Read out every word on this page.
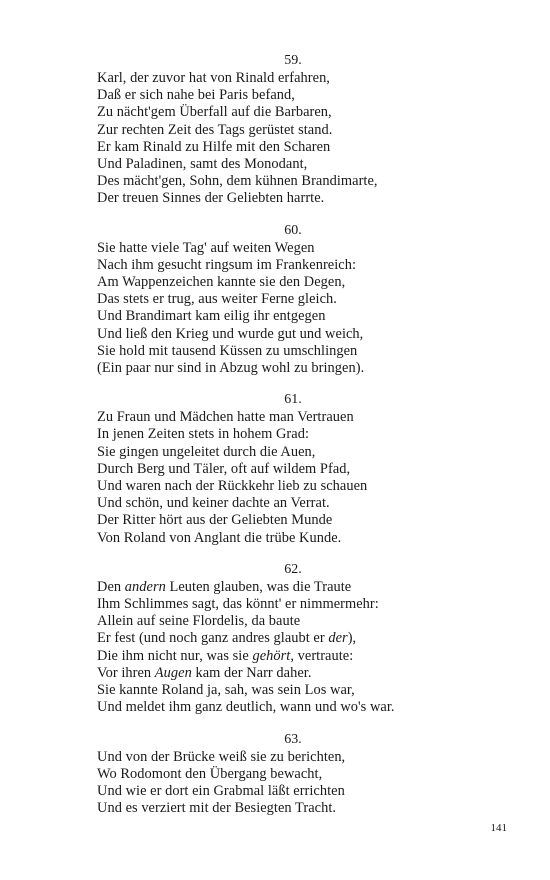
59.
Karl, der zuvor hat von Rinald erfahren,
Daß er sich nahe bei Paris befand,
Zu nächt'gem Überfall auf die Barbaren,
Zur rechten Zeit des Tags gerüstet stand.
Er kam Rinald zu Hilfe mit den Scharen
Und Paladinen, samt des Monodant,
Des mächt'gen, Sohn, dem kühnen Brandimarte,
Der treuen Sinnes der Geliebten harrte.
60.
Sie hatte viele Tag' auf weiten Wegen
Nach ihm gesucht ringsum im Frankenreich:
Am Wappenzeichen kannte sie den Degen,
Das stets er trug, aus weiter Ferne gleich.
Und Brandimart kam eilig ihr entgegen
Und ließ den Krieg und wurde gut und weich,
Sie hold mit tausend Küssen zu umschlingen
(Ein paar nur sind in Abzug wohl zu bringen).
61.
Zu Fraun und Mädchen hatte man Vertrauen
In jenen Zeiten stets in hohem Grad:
Sie gingen ungeleitet durch die Auen,
Durch Berg und Täler, oft auf wildem Pfad,
Und waren nach der Rückkehr lieb zu schauen
Und schön, und keiner dachte an Verrat.
Der Ritter hört aus der Geliebten Munde
Von Roland von Anglant die trübe Kunde.
62.
Den andern Leuten glauben, was die Traute
Ihm Schlimmes sagt, das könnt' er nimmermehr:
Allein auf seine Flordelis, da baute
Er fest (und noch ganz andres glaubt er der),
Die ihm nicht nur, was sie gehört, vertraute:
Vor ihren Augen kam der Narr daher.
Sie kannte Roland ja, sah, was sein Los war,
Und meldet ihm ganz deutlich, wann und wo's war.
63.
Und von der Brücke weiß sie zu berichten,
Wo Rodomont den Übergang bewacht,
Und wie er dort ein Grabmal läßt errichten
Und es verziert mit der Besiegten Tracht.
141
